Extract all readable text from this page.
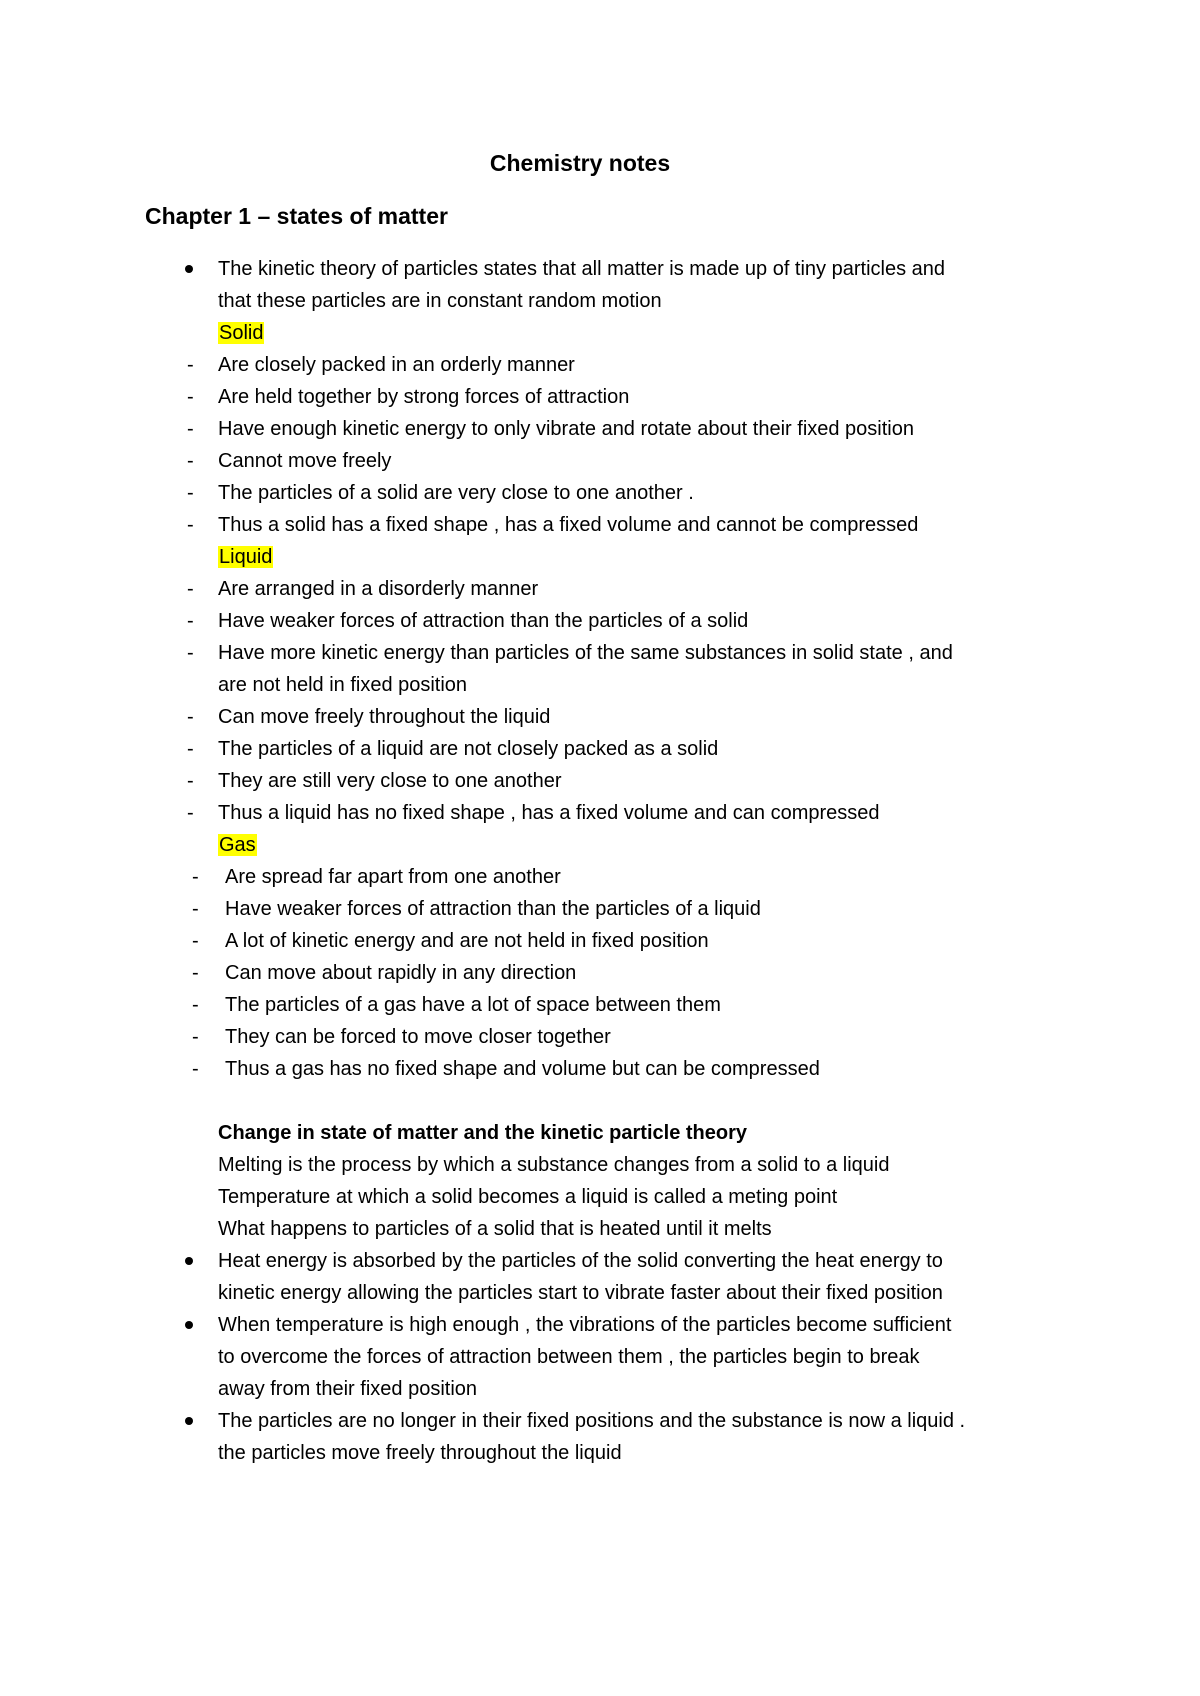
Chemistry notes
Chapter 1 – states of matter
The kinetic theory of particles states that all matter is made up of tiny particles and
that these particles are in constant random motion
Solid
- Are closely packed in an orderly manner
- Are held together by strong forces of attraction
- Have enough kinetic energy to only vibrate and rotate about their fixed position
- Cannot move freely
- The particles of a solid are very close to one another .
- Thus a solid has a fixed shape , has a fixed volume and cannot be compressed
Liquid
- Are arranged in a disorderly manner
- Have weaker forces of attraction than the particles of a solid
- Have more kinetic energy than particles of the same substances in solid state , and
are not held in fixed position
- Can move freely throughout the liquid
- The particles of a liquid are not closely packed as a solid
- They are still very close to one another
- Thus a liquid has no fixed shape , has a fixed volume and can compressed
Gas
- Are spread far apart from one another
- Have weaker forces of attraction than the particles of a liquid
- A lot of kinetic energy and are not held in fixed position
- Can move about rapidly in any direction
- The particles of a gas have a lot of space between them
- They can be forced to move closer together
- Thus a gas has no fixed shape and volume but can be compressed
Change in state of matter and the kinetic particle theory
Melting is the process by which a substance changes from a solid to a liquid
Temperature at which a solid becomes a liquid is called a meting point
What happens to particles of a solid that is heated until it melts
Heat energy is absorbed by the particles of the solid converting the heat energy to
kinetic energy allowing the particles start to vibrate faster about their fixed position
When temperature is high enough , the vibrations of the particles become sufficient
to overcome the forces of attraction between them , the particles begin to break
away from their fixed position
The particles are no longer in their fixed positions and the substance is now a liquid .
the particles move freely throughout the liquid
